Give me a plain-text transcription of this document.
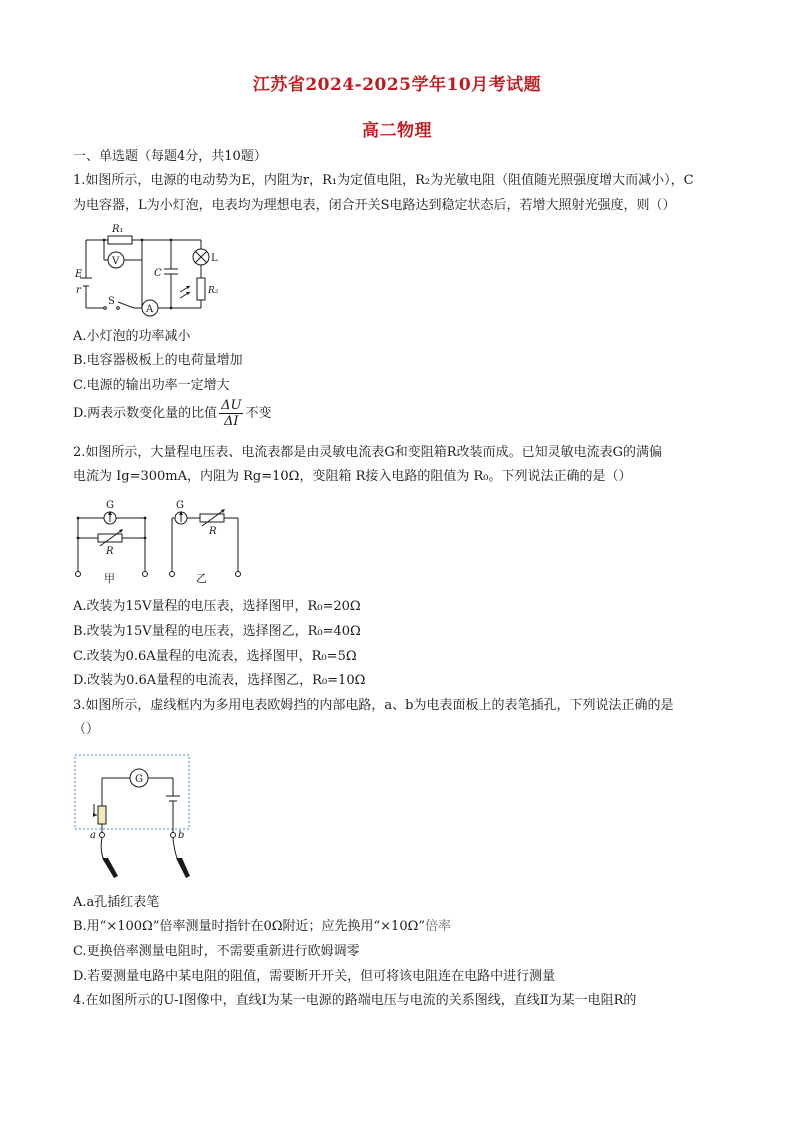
江苏省2024-2025学年10月考试题
高二物理
一、单选题（每题4分，共10题）
1.如图所示，电源的电动势为E，内阻为r，R₁为定值电阻，R₂为光敏电阻（阻值随光照强度增大而减小），C
为电容器，L为小灯泡，电表均为理想电表，闭合开关S电路达到稳定状态后，若增大照射光强度，则（）
R₁
V
A
E
r
S
C
L
R₂
A.小灯泡的功率减小
B.电容器极板上的电荷量增加
C.电源的输出功率一定增大
D.两表示数变化量的比值 $\frac{\Delta U}{\Delta I}$ 不变
2.如图所示，大量程电压表、电流表都是由灵敏电流表G和变阻箱R改装而成。已知灵敏电流表G的满偏
电流为 Ig=300mA，内阻为 Rg=10Ω，变阻箱 R接入电路的阻值为 R₀。下列说法正确的是（）
G
R
甲
G
R
乙
A.改装为15V量程的电压表，选择图甲，R₀=20Ω
B.改装为15V量程的电压表，选择图乙，R₀=40Ω
C.改装为0.6A量程的电流表，选择图甲，R₀=5Ω
D.改装为0.6A量程的电流表，选择图乙，R₀=10Ω
3.如图所示，虚线框内为多用电表欧姆挡的内部电路，a、b为电表面板上的表笔插孔，下列说法正确的是
（）
G
a	b
A.a孔插红表笔
B.用“×100Ω”倍率测量时指针在0Ω附近；应先换用“×10Ω”倍率
C.更换倍率测量电阻时，不需要重新进行欧姆调零
D.若要测量电路中某电阻的阻值，需要断开开关，但可将该电阻连在电路中进行测量
4.在如图所示的U-I图像中，直线Ⅰ为某一电源的路端电压与电流的关系图线，直线Ⅱ为某一电阻R的
